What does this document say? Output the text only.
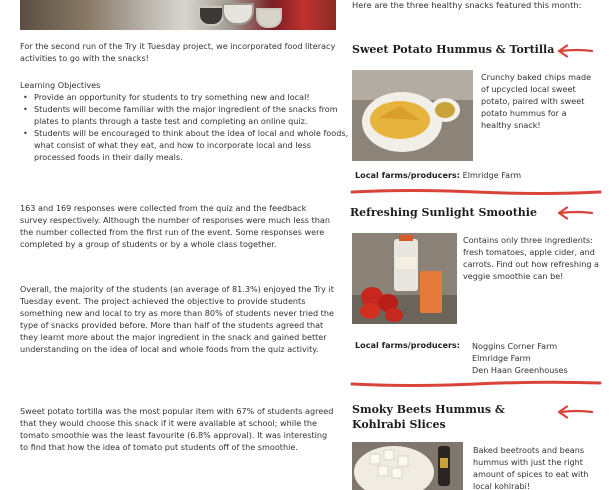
For the second run of the Try it Tuesday project, we incorporated food literacy activities to go with the snacks!
Learning Objectives
• Provide an opportunity for students to try something new and local!
• Students will become familiar with the major ingredient of the snacks from plates to plants through a taste test and completing an online quiz.
• Students will be encouraged to think about the idea of local and whole foods, what consist of what they eat, and how to incorporate local and less processed foods in their daily meals.
163 and 169 responses were collected from the quiz and the feedback survey respectively. Although the number of responses were much less than the number collected from the first run of the event. Some responses were completed by a group of students or by a whole class together.
Overall, the majority of the students (an average of 81.3%) enjoyed the Try it Tuesday event. The project achieved the objective to provide students something new and local to try as more than 80% of students never tried the type of snacks provided before. More than half of the students agreed that they learnt more about the major ingredient in the snack and gained better understanding on the idea of local and whole foods from the quiz activity.
Sweet potato tortilla was the most popular item with 67% of students agreed that they would choose this snack if it were available at school; while the tomato smoothie was the least favourite (6.8% approval). It was interesting to find that how the idea of tomato put students off of the smoothie.
Here are the three healthy snacks featured this month:
Sweet Potato Hummus & Tortilla
Crunchy baked chips made of upcycled local sweet potato, paired with sweet potato hummus for a healthy snack!
Local farms/producers: Elmridge Farm
Refreshing Sunlight Smoothie
Contains only three ingredients: fresh tomatoes, apple cider, and carrots. Find out how refreshing a veggie smoothie can be!
Local farms/producers: Noggins Corner Farm
Elmridge Farm
Den Haan Greenhouses
Smoky Beets Hummus &
Kohlrabi Slices
Baked beetroots and beans hummus with just the right amount of spices to eat with local kohlrabi!
